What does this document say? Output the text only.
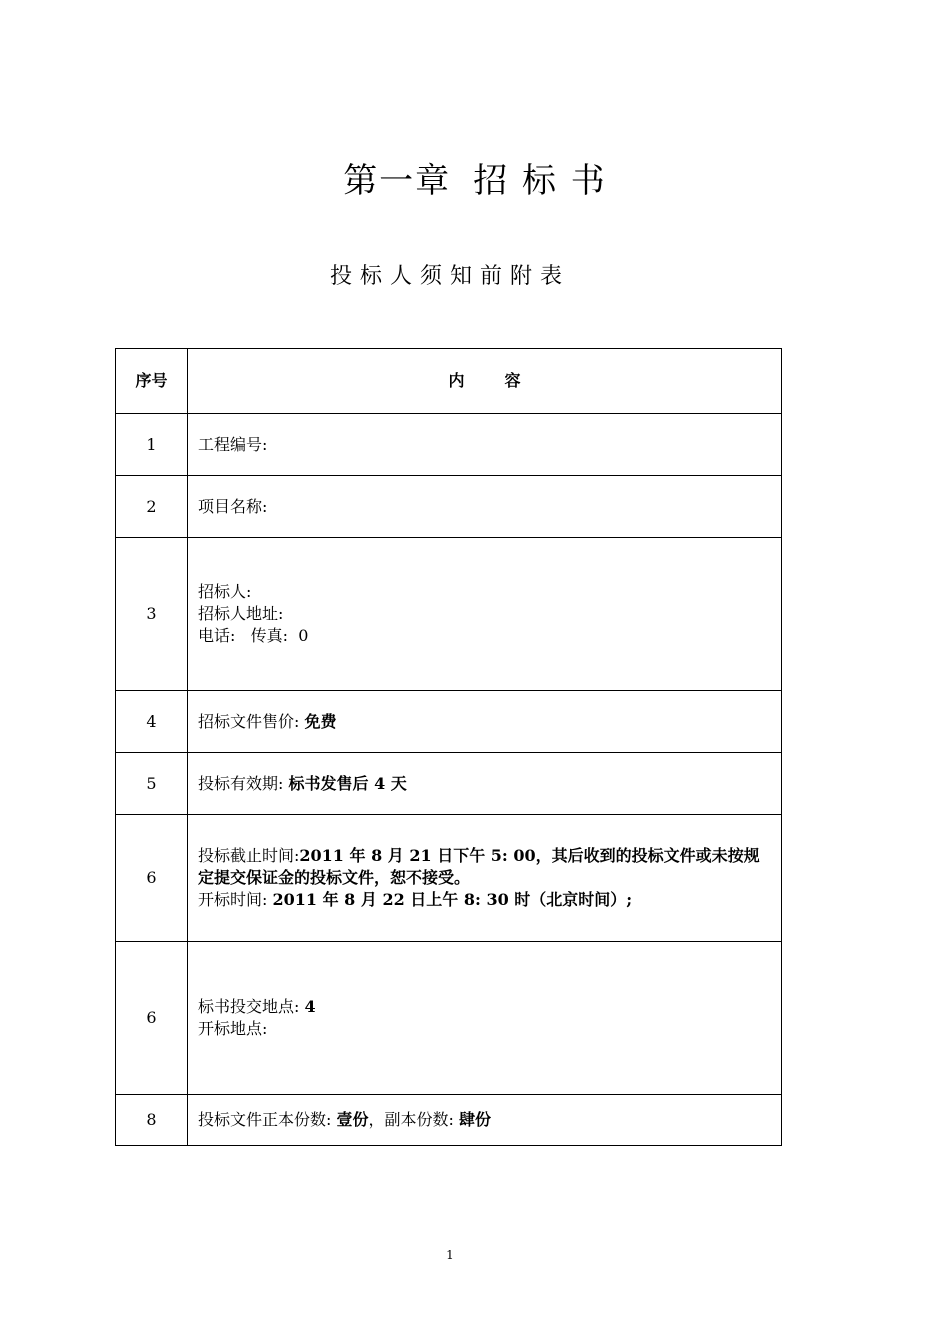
第一章 招 标 书
投标人须知前附表
序号	内 容
1	工程编号:
2	项目名称:
3	招标人:
招标人地址:
电话:   传真:  0

4	招标文件售价: 免费
5	投标有效期: 标书发售后 4 天
6	投标截止时间:2011 年 8 月 21 日下午 5: 00，其后收到的投标文件或未按规定提交保证金的投标文件，恕不接受。
开标时间: 2011 年 8 月 22 日上午 8: 30 时（北京时间）;

6	标书投交地点: 4
开标地点:

8	投标文件正本份数: 壹份，副本份数: 肆份
1
